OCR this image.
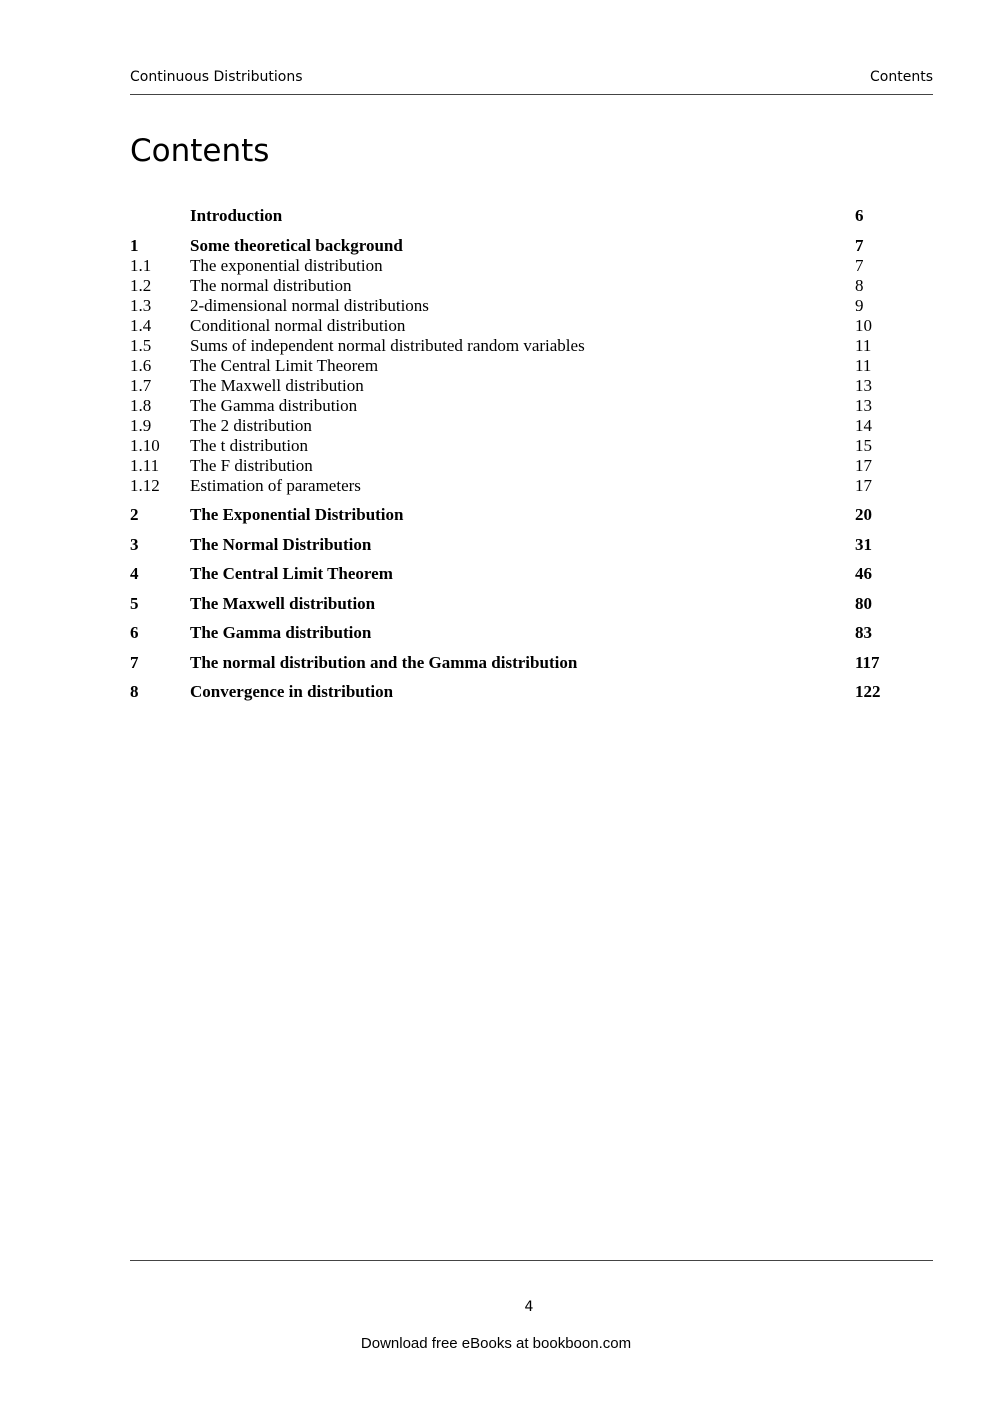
Continuous Distributions	Contents
Contents
Introduction	6
1	Some theoretical background	7
1.1 The exponential distribution	7
1.2 The normal distribution	8
1.3 2-dimensional normal distributions	9
1.4 Conditional normal distribution	10
1.5 Sums of independent normal distributed random variables	11
1.6 The Central Limit Theorem	11
1.7 The Maxwell distribution	13
1.8 The Gamma distribution	13
1.9 The 2 distribution	14
1.10 The t distribution	15
1.11 The F distribution	17
1.12 Estimation of parameters	17
2	The Exponential Distribution	20
3	The Normal Distribution	31
4	The Central Limit Theorem	46
5	The Maxwell distribution	80
6	The Gamma distribution	83
7	The normal distribution and the Gamma distribution	117
8	Convergence in distribution	122
4
Download free eBooks at bookboon.com
